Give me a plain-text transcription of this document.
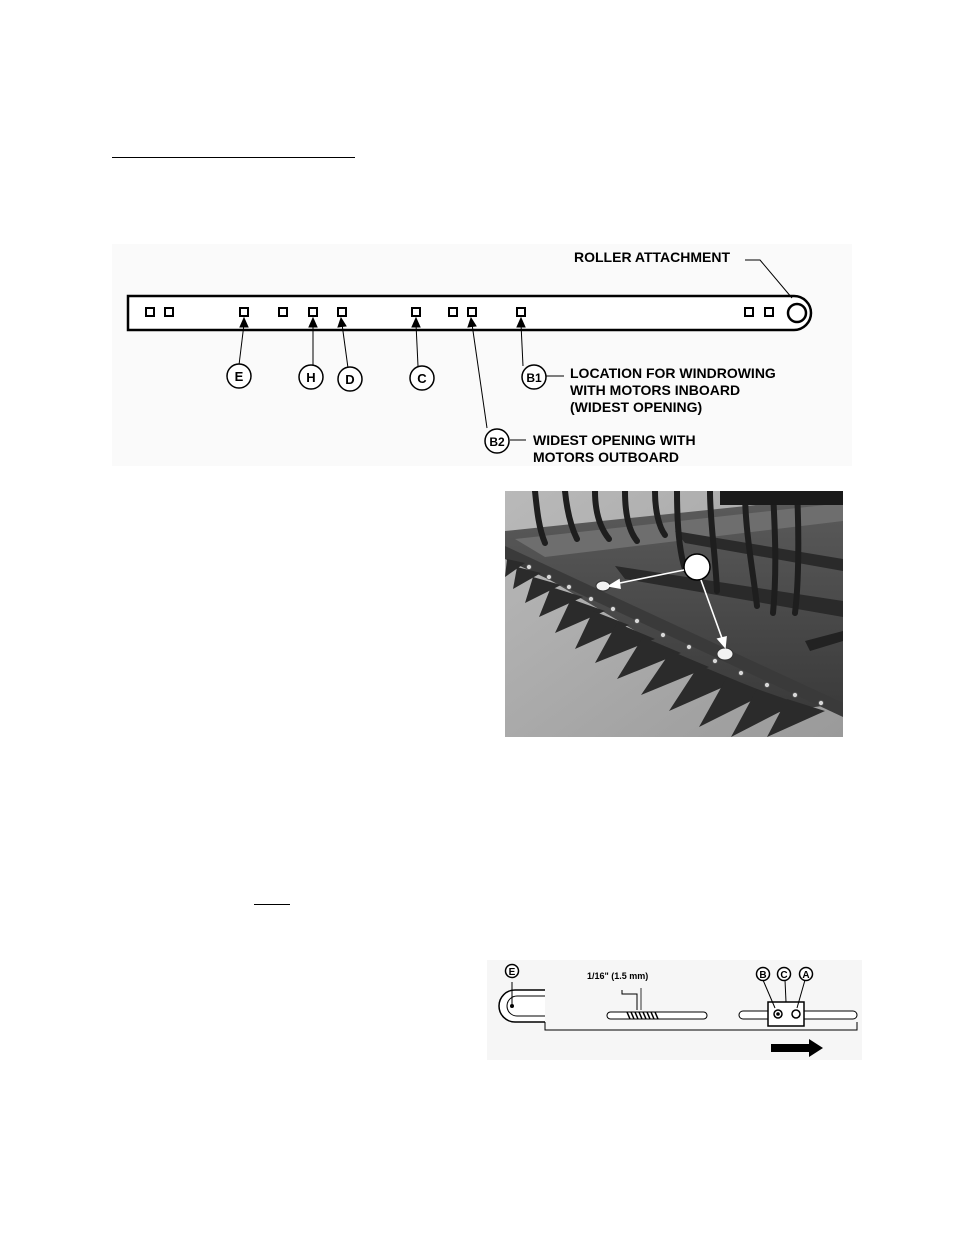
E	H D	C	B1
B2
ROLLER ATTACHMENT
LOCATION FOR WINDROWING
WITH MOTORS INBOARD
(WIDEST OPENING)
WIDEST OPENING WITH
MOTORS OUTBOARD
E	1/16" (1.5 mm)	B C A
